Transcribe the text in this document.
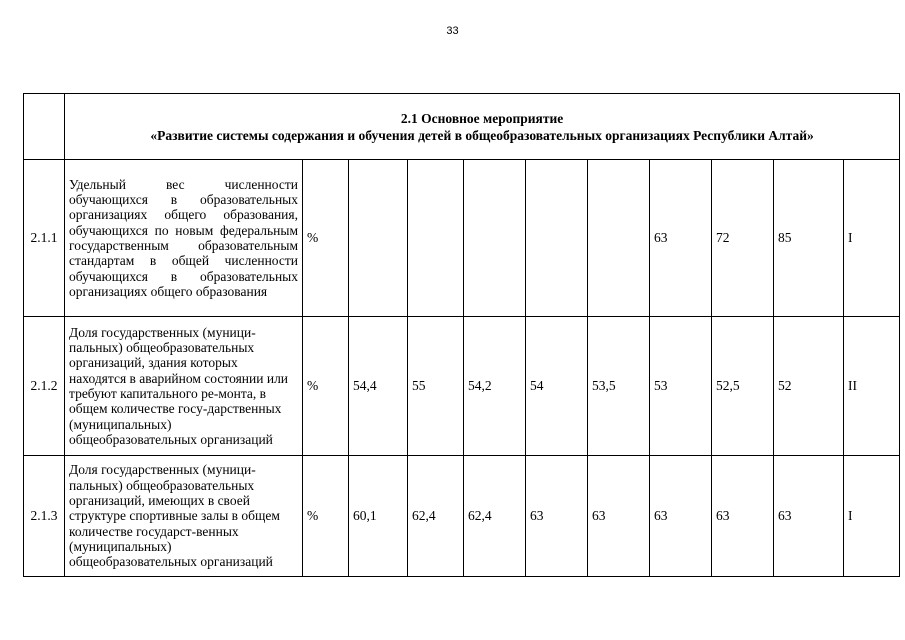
33

	2.1 Основное мероприятие
«Развитие системы содержания и обучения детей в общеобразовательных организациях Республики Алтай»										

2.1.1	Удельный вес численности обучающихся в образовательных организациях общего образования, обучающихся по новым федеральным государственным образовательным стандартам в общей численности обучающихся в образовательных организациях общего образования	%						63	72	85	I
2.1.2	Доля государственных (муници-пальных) общеобразовательных организаций, здания которых находятся в аварийном состоянии или требуют капитального ре-монта, в общем количестве госу-дарственных (муниципальных) общеобразовательных организаций	%	54,4	55	54,2	54	53,5	53	52,5	52	II
2.1.3	Доля государственных (муници-пальных) общеобразовательных организаций, имеющих в своей структуре спортивные залы в общем количестве государст-венных (муниципальных) общеобразовательных организаций	%	60,1	62,4	62,4	63	63	63	63	63	I
